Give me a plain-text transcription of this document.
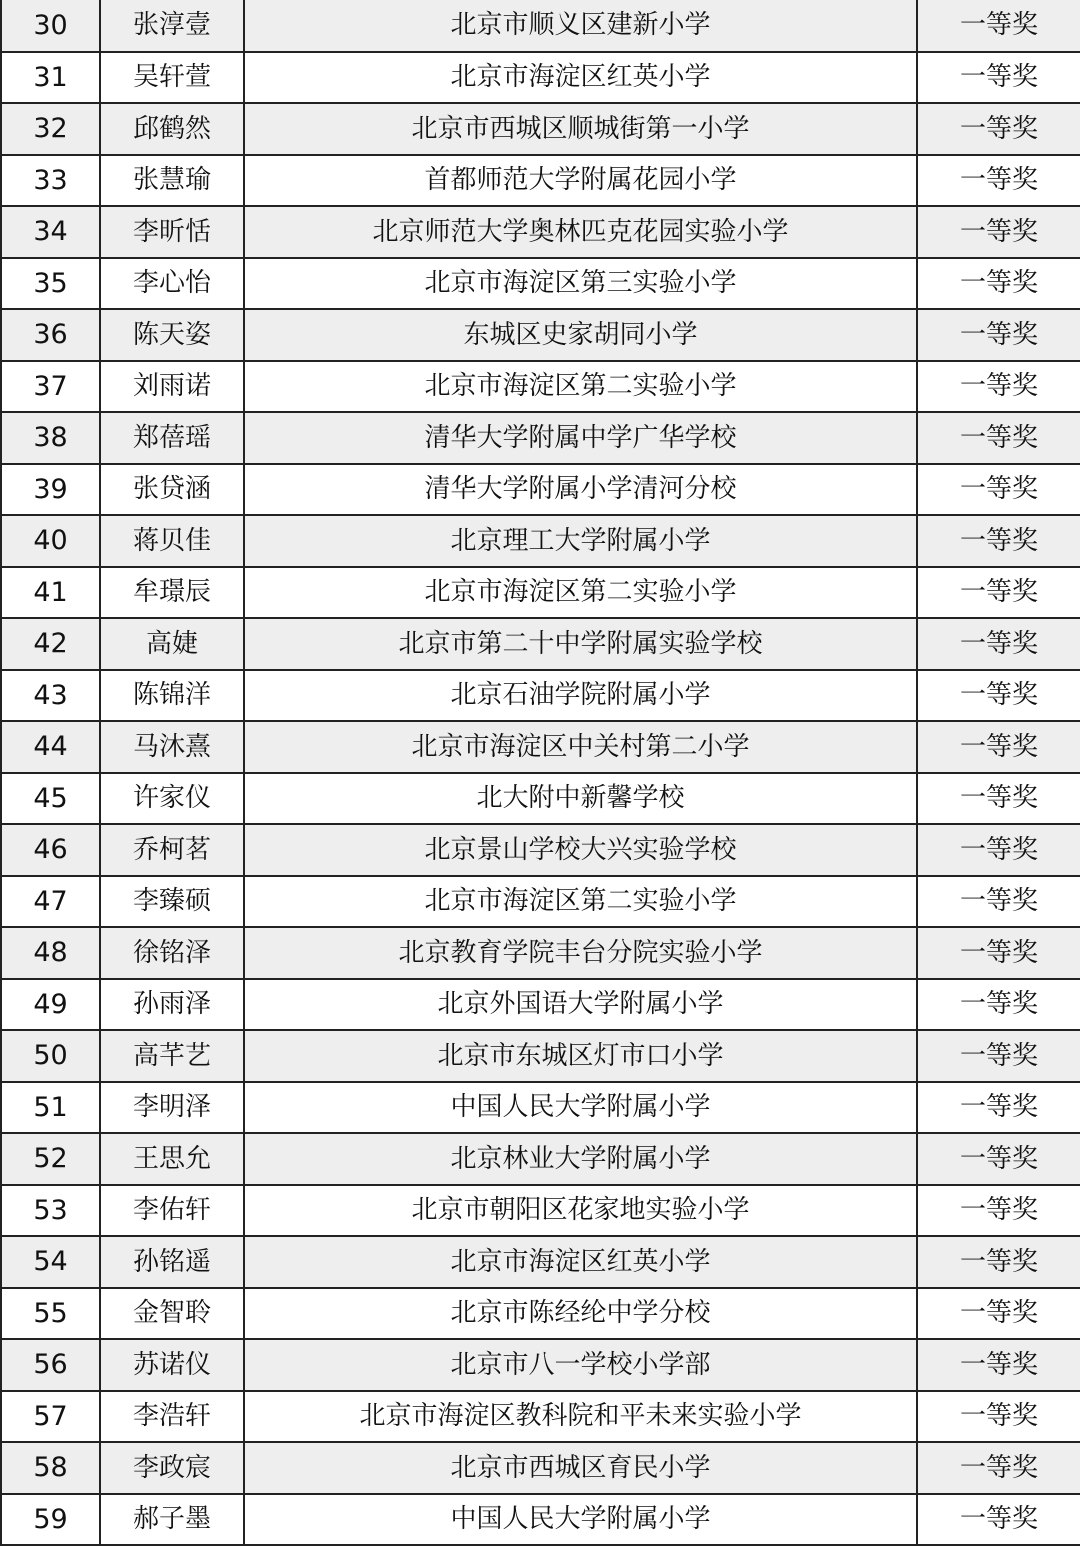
30	张淳壹	北京市顺义区建新小学	一等奖
31	吴轩萱	北京市海淀区红英小学	一等奖
32	邱鹤然	北京市西城区顺城街第一小学	一等奖
33	张慧瑜	首都师范大学附属花园小学	一等奖
34	李昕恬	北京师范大学奥林匹克花园实验小学	一等奖
35	李心怡	北京市海淀区第三实验小学	一等奖
36	陈天姿	东城区史家胡同小学	一等奖
37	刘雨诺	北京市海淀区第二实验小学	一等奖
38	郑蓓瑶	清华大学附属中学广华学校	一等奖
39	张贷涵	清华大学附属小学清河分校	一等奖
40	蒋贝佳	北京理工大学附属小学	一等奖
41	牟璟辰	北京市海淀区第二实验小学	一等奖
42	高婕	北京市第二十中学附属实验学校	一等奖
43	陈锦洋	北京石油学院附属小学	一等奖
44	马沐熹	北京市海淀区中关村第二小学	一等奖
45	许家仪	北大附中新馨学校	一等奖
46	乔柯茗	北京景山学校大兴实验学校	一等奖
47	李臻硕	北京市海淀区第二实验小学	一等奖
48	徐铭泽	北京教育学院丰台分院实验小学	一等奖
49	孙雨泽	北京外国语大学附属小学	一等奖
50	高芊艺	北京市东城区灯市口小学	一等奖
51	李明泽	中国人民大学附属小学	一等奖
52	王思允	北京林业大学附属小学	一等奖
53	李佑轩	北京市朝阳区花家地实验小学	一等奖
54	孙铭遥	北京市海淀区红英小学	一等奖
55	金智聆	北京市陈经纶中学分校	一等奖
56	苏诺仪	北京市八一学校小学部	一等奖
57	李浩轩	北京市海淀区教科院和平未来实验小学	一等奖
58	李政宸	北京市西城区育民小学	一等奖
59	郝子墨	中国人民大学附属小学	一等奖
